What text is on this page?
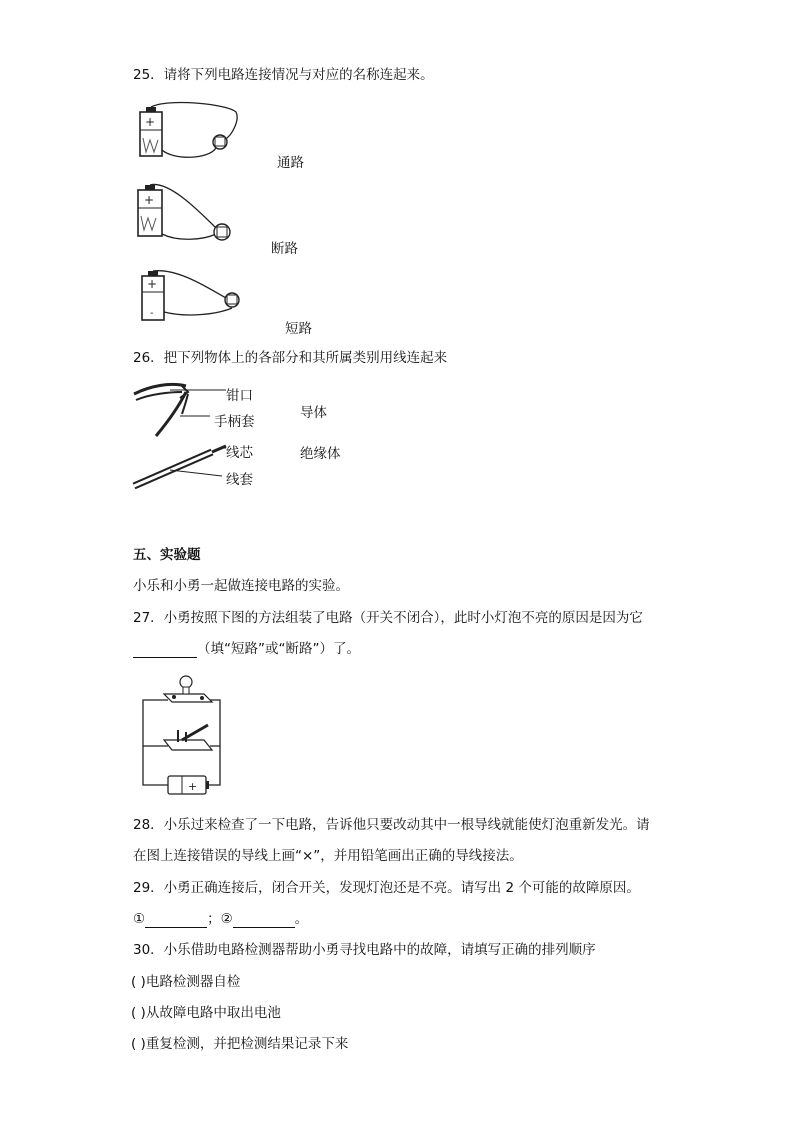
25．请将下列电路连接情况与对应的名称连起来。
+
通路
+
断路
+
-
短路
26．把下列物体上的各部分和其所属类别用线连起来
钳口
手柄套
线芯
线套
导体
绝缘体
五、实验题
小乐和小勇一起做连接电路的实验。
27．小勇按照下图的方法组装了电路（开关不闭合），此时小灯泡不亮的原因是因为它
（填“短路”或“断路”）了。
+
28．小乐过来检查了一下电路，告诉他只要改动其中一根导线就能使灯泡重新发光。请
在图上连接错误的导线上画“×”，并用铅笔画出正确的导线接法。
29．小勇正确连接后，闭合开关，发现灯泡还是不亮。请写出 2 个可能的故障原因。
①	；②	。
30．小乐借助电路检测器帮助小勇寻找电路中的故障，请填写正确的排列顺序
( )电路检测器自检
( )从故障电路中取出电池
( )重复检测，并把检测结果记录下来
